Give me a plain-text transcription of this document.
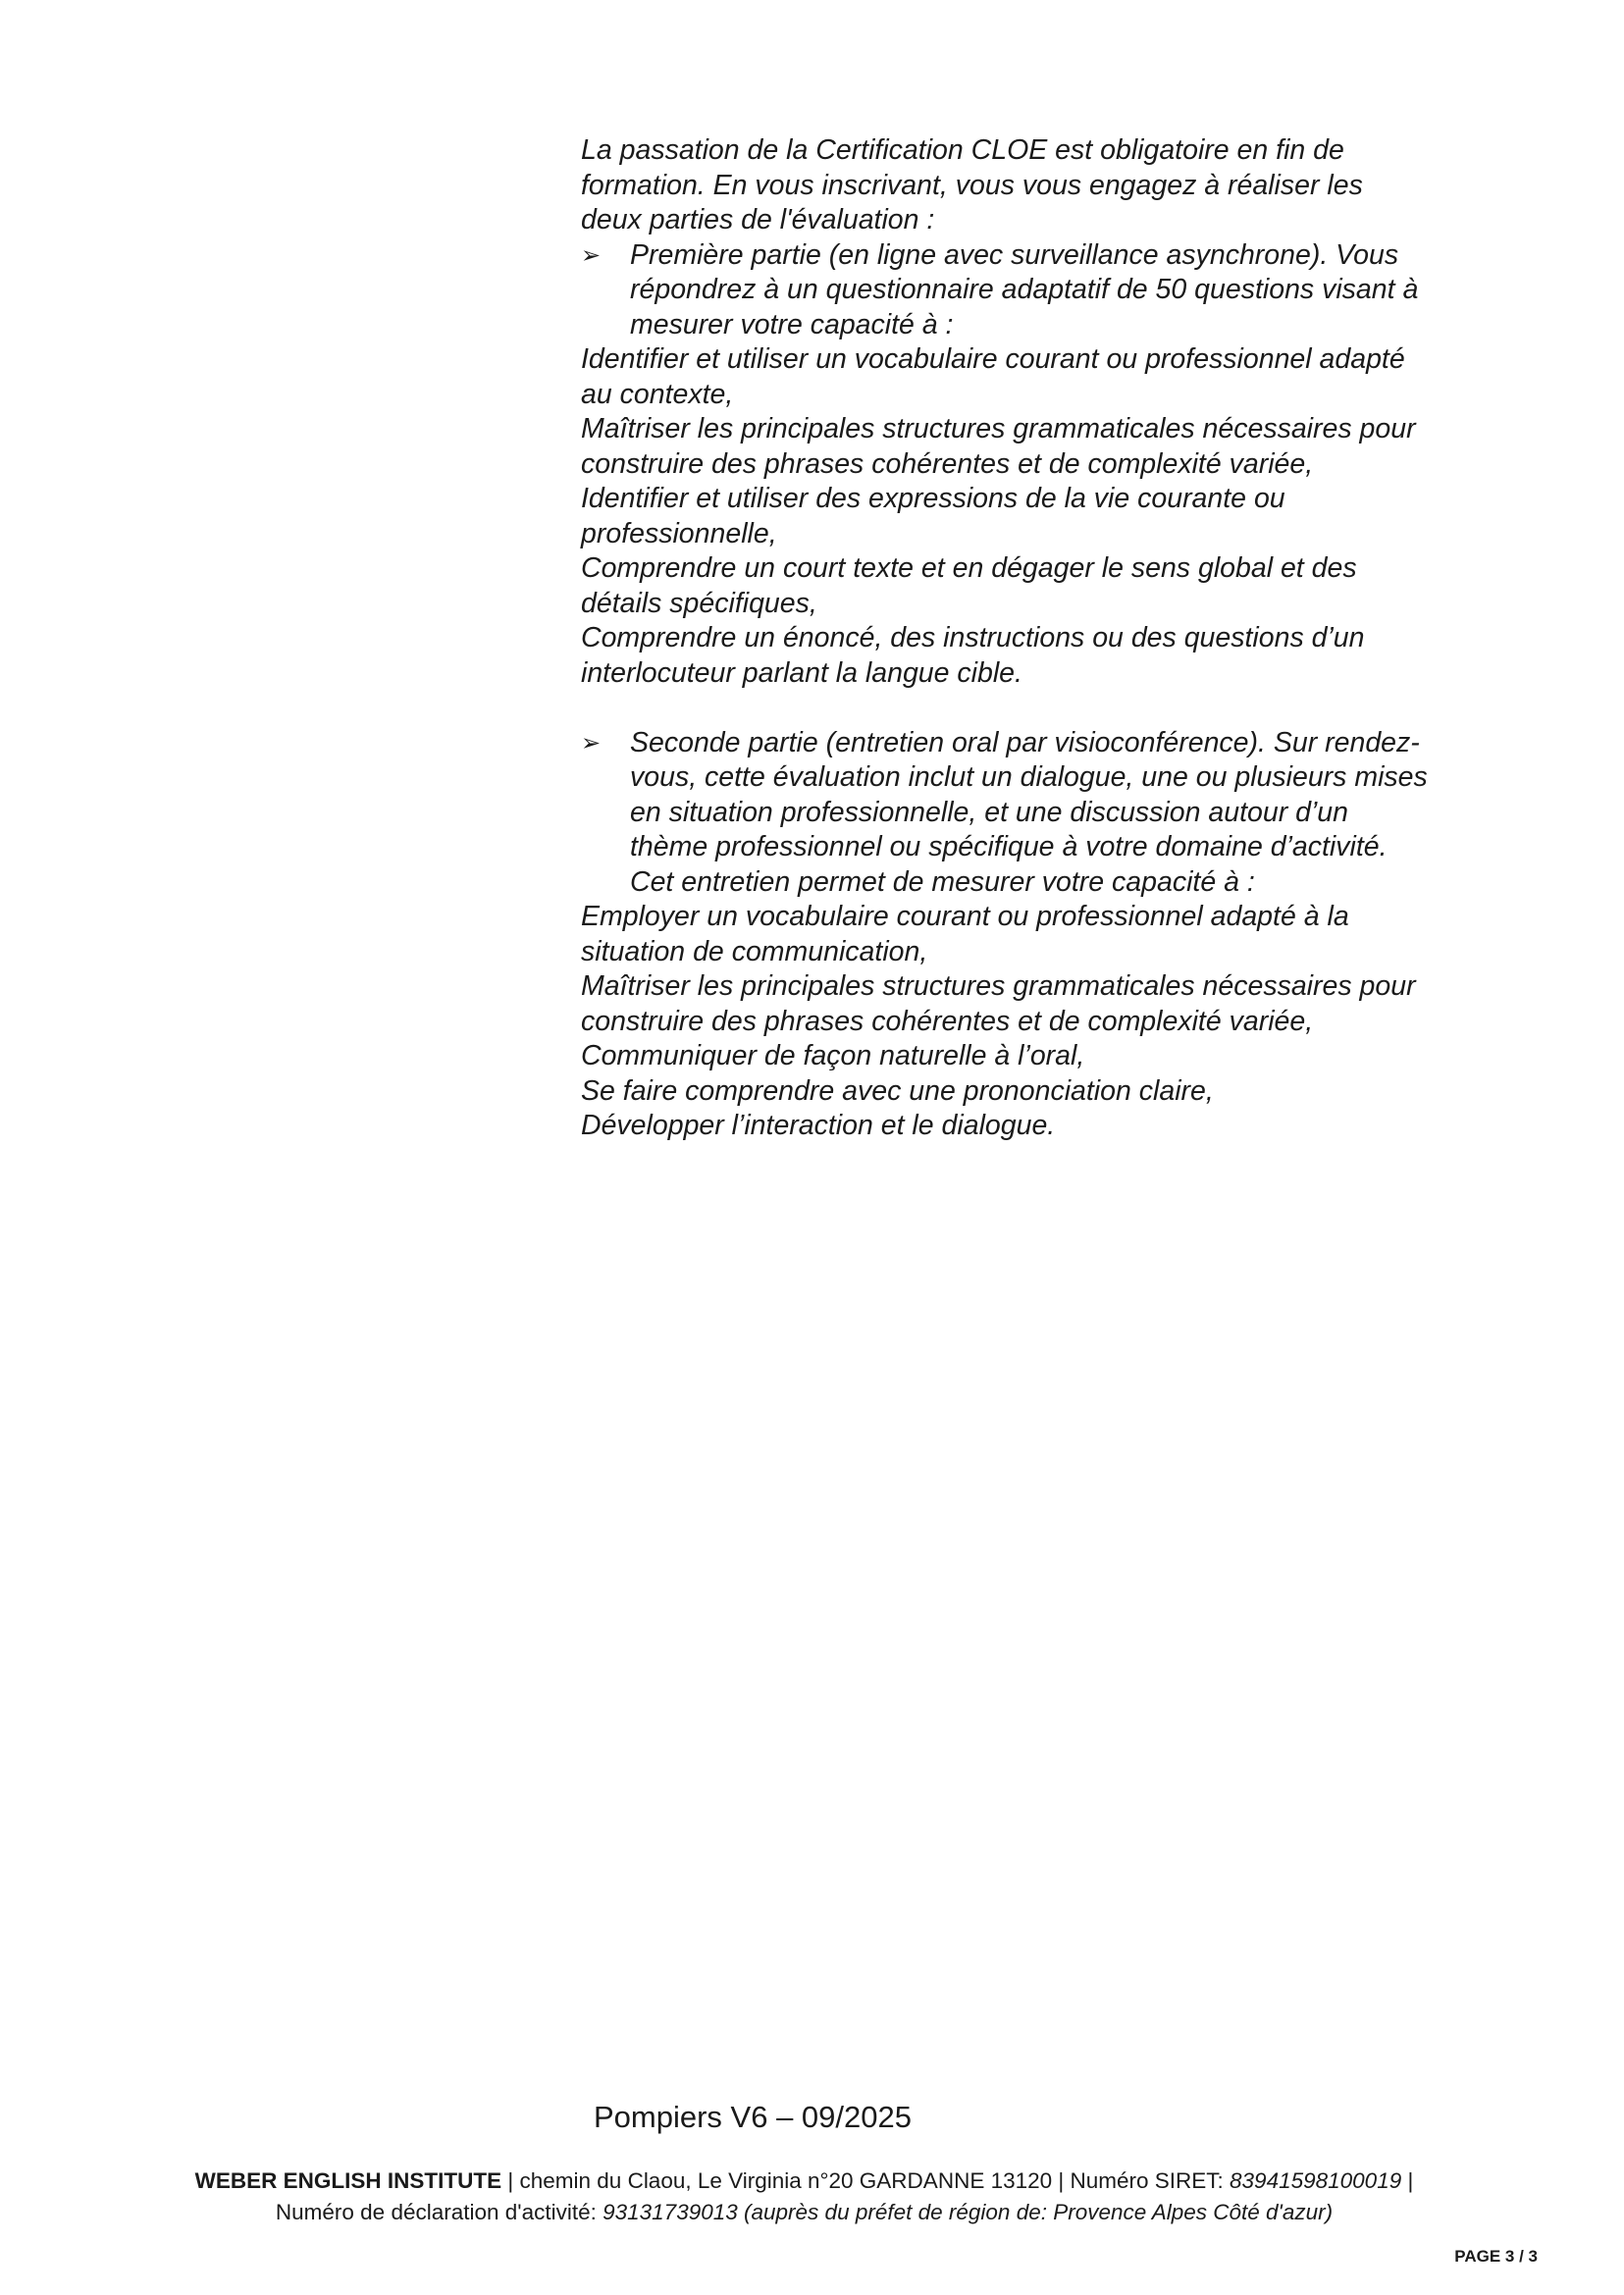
La passation de la Certification CLOE est obligatoire en fin de
formation. En vous inscrivant, vous vous engagez à réaliser les
deux parties de l'évaluation :
➢	Première partie (en ligne avec surveillance asynchrone). Vous
répondrez à un questionnaire adaptatif de 50 questions visant à
mesurer votre capacité à :
Identifier et utiliser un vocabulaire courant ou professionnel adapté
au contexte,
Maîtriser les principales structures grammaticales nécessaires pour
construire des phrases cohérentes et de complexité variée,
Identifier et utiliser des expressions de la vie courante ou
professionnelle,
Comprendre un court texte et en dégager le sens global et des
détails spécifiques,
Comprendre un énoncé, des instructions ou des questions d’un
interlocuteur parlant la langue cible.
➢	Seconde partie (entretien oral par visioconférence). Sur rendez-
vous, cette évaluation inclut un dialogue, une ou plusieurs mises
en situation professionnelle, et une discussion autour d’un
thème professionnel ou spécifique à votre domaine d’activité.
Cet entretien permet de mesurer votre capacité à :
Employer un vocabulaire courant ou professionnel adapté à la
situation de communication,
Maîtriser les principales structures grammaticales nécessaires pour
construire des phrases cohérentes et de complexité variée,
Communiquer de façon naturelle à l’oral,
Se faire comprendre avec une prononciation claire,
Développer l’interaction et le dialogue.
Pompiers V6 – 09/2025
WEBER ENGLISH INSTITUTE | chemin du Claou, Le Virginia n°20 GARDANNE 13120 | Numéro SIRET: 83941598100019 |
Numéro de déclaration d'activité: 93131739013 (auprès du préfet de région de: Provence Alpes Côté d'azur)
PAGE 3 / 3
